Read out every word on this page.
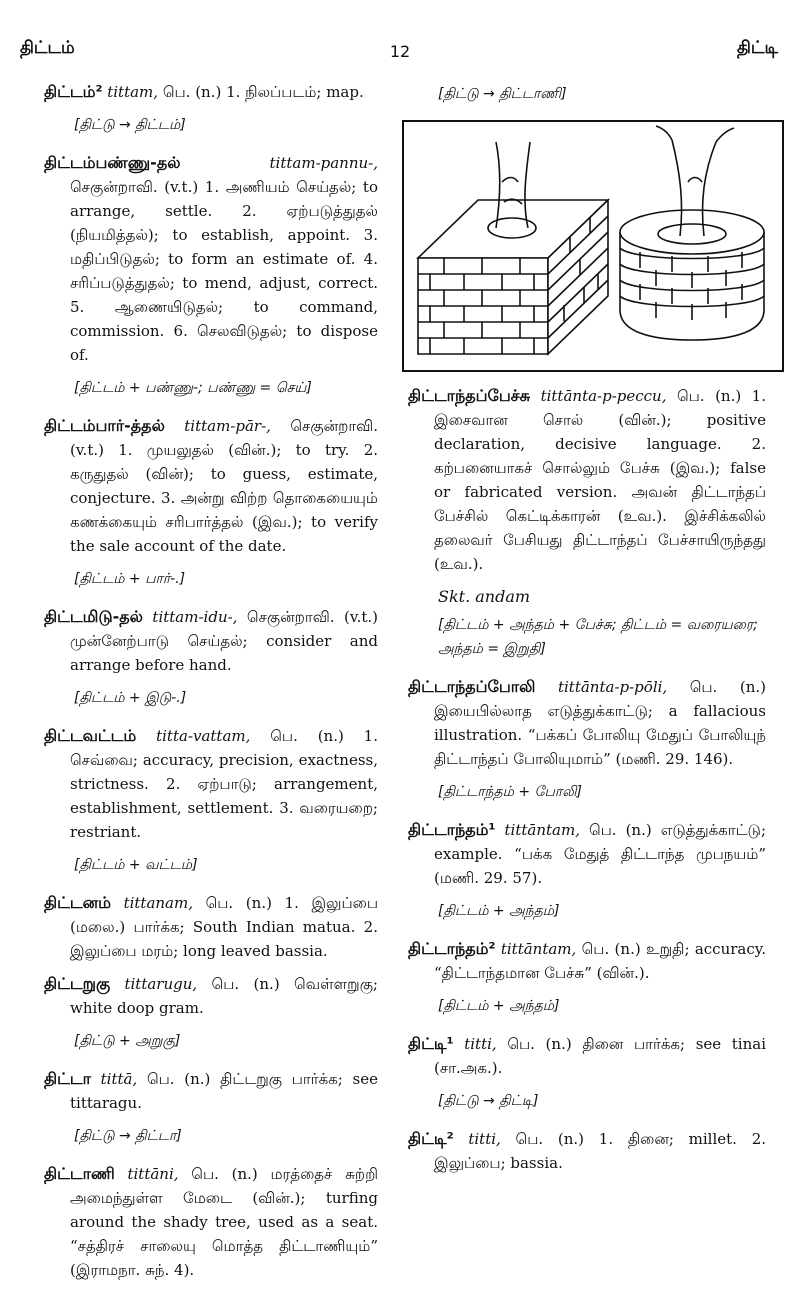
திட்டம்	12	திட்டி

திட்டம்² tittam, பெ. (n.) 1. நிலப்படம்; map.

[திட்டு → திட்டம்]

திட்டம்பண்ணு-தல் tittam-pannu-, செகுன்றாவி. (v.t.) 1. அணியம் செய்தல்; to arrange, settle. 2. ஏற்படுத்துதல் (நியமித்தல்); to establish, appoint. 3. மதிப்பிடுதல்; to form an estimate of. 4. சரிப்படுத்துதல்; to mend, adjust, correct. 5. ஆணையிடுதல்; to command, commission. 6. செலவிடுதல்; to dispose of.

[திட்டம் + பண்ணு-; பண்ணு = செய்]

திட்டம்பார்-த்தல் tittam-pār-, செகுன்றாவி. (v.t.) 1. முயலுதல் (வின்.); to try. 2. கருதுதல் (வின்); to guess, estimate, conjecture. 3. அன்று விற்ற தொகையையும் கணக்கையும் சரிபார்த்தல் (இவ.); to verify the sale account of the date.

[திட்டம் + பார்-.]

திட்டமிடு-தல் tittam-idu-, செகுன்றாவி. (v.t.) முன்னேற்பாடு செய்தல்; consider and arrange before hand.

[திட்டம் + இடு-.]

திட்டவட்டம் titta-vattam, பெ. (n.) 1. செவ்வை; accuracy, precision, exactness, strictness. 2. ஏற்பாடு; arrangement, establishment, settlement. 3. வரையறை; restriant.

[திட்டம் + வட்டம்]

திட்டனம் tittanam, பெ. (n.) 1. இலுப்பை (மலை.) பார்க்க; South Indian matua. 2. இலுப்பை மரம்; long leaved bassia.

திட்டறுகு tittarugu, பெ. (n.) வெள்ளறுகு; white doop gram.

[திட்டு + அறுகு]

திட்டா tittā, பெ. (n.) திட்டறுகு பார்க்க; see tittaragu.

[திட்டு → திட்டா]

திட்டாணி tittāni, பெ. (n.) மரத்தைச் சுற்றி அமைந்துள்ள மேடை (வின்.); turfing around the shady tree, used as a seat. “சத்திரச் சாலையு மொத்த திட்டாணியும்” (இராமநா. சுந். 4).

[திட்டு → திட்டாணி]

திட்டாந்தப்பேச்சு tittānta-p-peccu, பெ. (n.) 1. இசைவான சொல் (வின்.); positive declaration, decisive language. 2. கற்பனையாகச் சொல்லும் பேச்சு (இவ.); false or fabricated version. அவன் திட்டாந்தப் பேச்சில் கெட்டிக்காரன் (உவ.). இச்சிக்கலில் தலைவர் பேசியது திட்டாந்தப் பேச்சாயிருந்தது (உவ.).

Skt. andam
[திட்டம் + அந்தம் + பேச்சு; திட்டம் = வரையரை; அந்தம் = இறுதி]

திட்டாந்தப்போலி tittānta-p-pōli, பெ. (n.) இயைபில்லாத எடுத்துக்காட்டு; a fallacious illustration. “பக்கப் போலியு மேதுப் போலியுந் திட்டாந்தப் போலியுமாம்” (மணி. 29. 146).

[திட்டாந்தம் + போலி]

திட்டாந்தம்¹ tittāntam, பெ. (n.) எடுத்துக்காட்டு; example. “பக்க மேதுத் திட்டாந்த முபநயம்” (மணி. 29. 57).

[திட்டம் + அந்தம்]

திட்டாந்தம்² tittāntam, பெ. (n.) உறுதி; accuracy. “திட்டாந்தமான பேச்சு” (வின்.).

[திட்டம் + அந்தம்]

திட்டி¹ titti, பெ. (n.) தினை பார்க்க; see tinai (சா.அக.).

[திட்டு → திட்டி]

திட்டி² titti, பெ. (n.) 1. தினை; millet. 2. இலுப்பை; bassia.
